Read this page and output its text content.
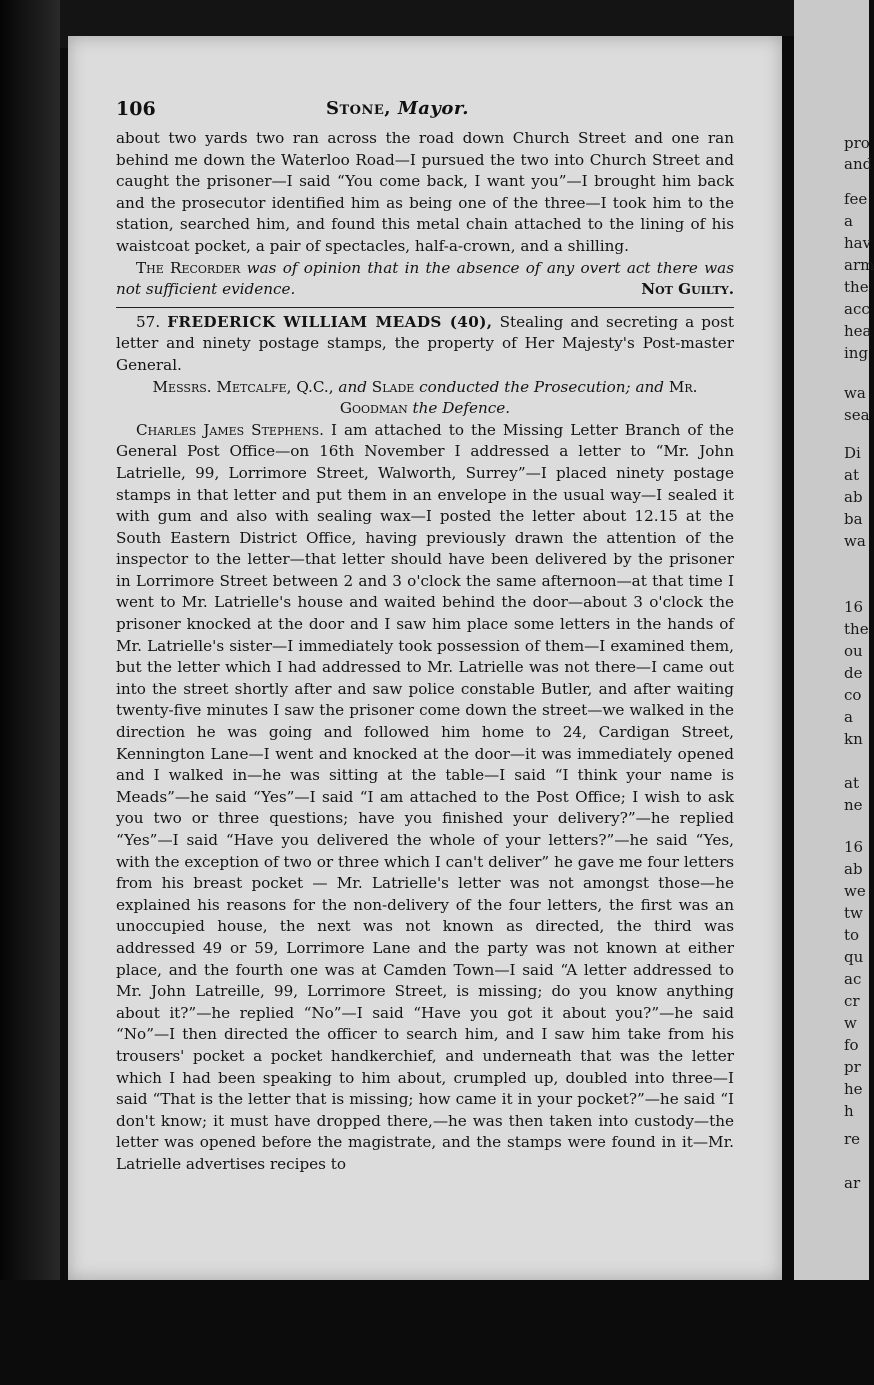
106	Stone, Mayor.

about two yards two ran across the road down Church Street and one ran behind me down the Waterloo Road—I pursued the two into Church Street and caught the prisoner—I said “You come back, I want you”—I brought him back and the prosecutor identified him as being one of the three—I took him to the station, searched him, and found this metal chain attached to the lining of his waistcoat pocket, a pair of spectacles, half-a-crown, and a shilling.

The Recorder was of opinion that in the absence of any overt act there was not sufficient evidence.	Not Guilty.

57. FREDERICK WILLIAM MEADS (40), Stealing and secreting a post letter and ninety postage stamps, the property of Her Majesty's Post-master General.

Messrs. Metcalfe, Q.C., and Slade conducted the Prosecution; and Mr.
Goodman the Defence.

Charles James Stephens. I am attached to the Missing Letter Branch of the General Post Office—on 16th November I addressed a letter to “Mr. John Latrielle, 99, Lorrimore Street, Walworth, Surrey”—I placed ninety postage stamps in that letter and put them in an envelope in the usual way—I sealed it with gum and also with sealing wax—I posted the letter about 12.15 at the South Eastern District Office, having previously drawn the attention of the inspector to the letter—that letter should have been delivered by the prisoner in Lorrimore Street between 2 and 3 o'clock the same afternoon—at that time I went to Mr. Latrielle's house and waited behind the door—about 3 o'clock the prisoner knocked at the door and I saw him place some letters in the hands of Mr. Latrielle's sister—I immediately took possession of them—I examined them, but the letter which I had addressed to Mr. Latrielle was not there—I came out into the street shortly after and saw police constable Butler, and after waiting twenty-five minutes I saw the prisoner come down the street—we walked in the direction he was going and followed him home to 24, Cardigan Street, Kennington Lane—I went and knocked at the door—it was immediately opened and I walked in—he was sitting at the table—I said “I think your name is Meads”—he said “Yes”—I said “I am attached to the Post Office; I wish to ask you two or three questions; have you finished your delivery?”—he replied “Yes”—I said “Have you delivered the whole of your letters?”—he said “Yes, with the exception of two or three which I can't deliver” he gave me four letters from his breast pocket — Mr. Latrielle's letter was not amongst those—he explained his reasons for the non-delivery of the four letters, the first was an unoccupied house, the next was not known as directed, the third was addressed 49 or 59, Lorrimore Lane and the party was not known at either place, and the fourth one was at Camden Town—I said “A letter addressed to Mr. John Latreille, 99, Lorrimore Street, is missing; do you know anything about it?”—he replied “No”—I said “Have you got it about you?”—he said “No”—I then directed the officer to search him, and I saw him take from his trousers' pocket a pocket handkerchief, and underneath that was the letter which I had been speaking to him about, crumpled up, doubled into three—I said “That is the letter that is missing; how came it in your pocket?”—he said “I don't know; it must have dropped there,—he was then taken into custody—the letter was opened before the magistrate, and the stamps were found in it—Mr. Latrielle advertises recipes to

pro
and
fee
a
hav
arm
the
acc
hea
ing
wa
sea
Di
at
ab
ba
wa
16
the
ou
de
co
a
kn
at
ne
16
ab
we
tw
to
qu
ac
cr
w
fo
pr
he
h
re
ar
